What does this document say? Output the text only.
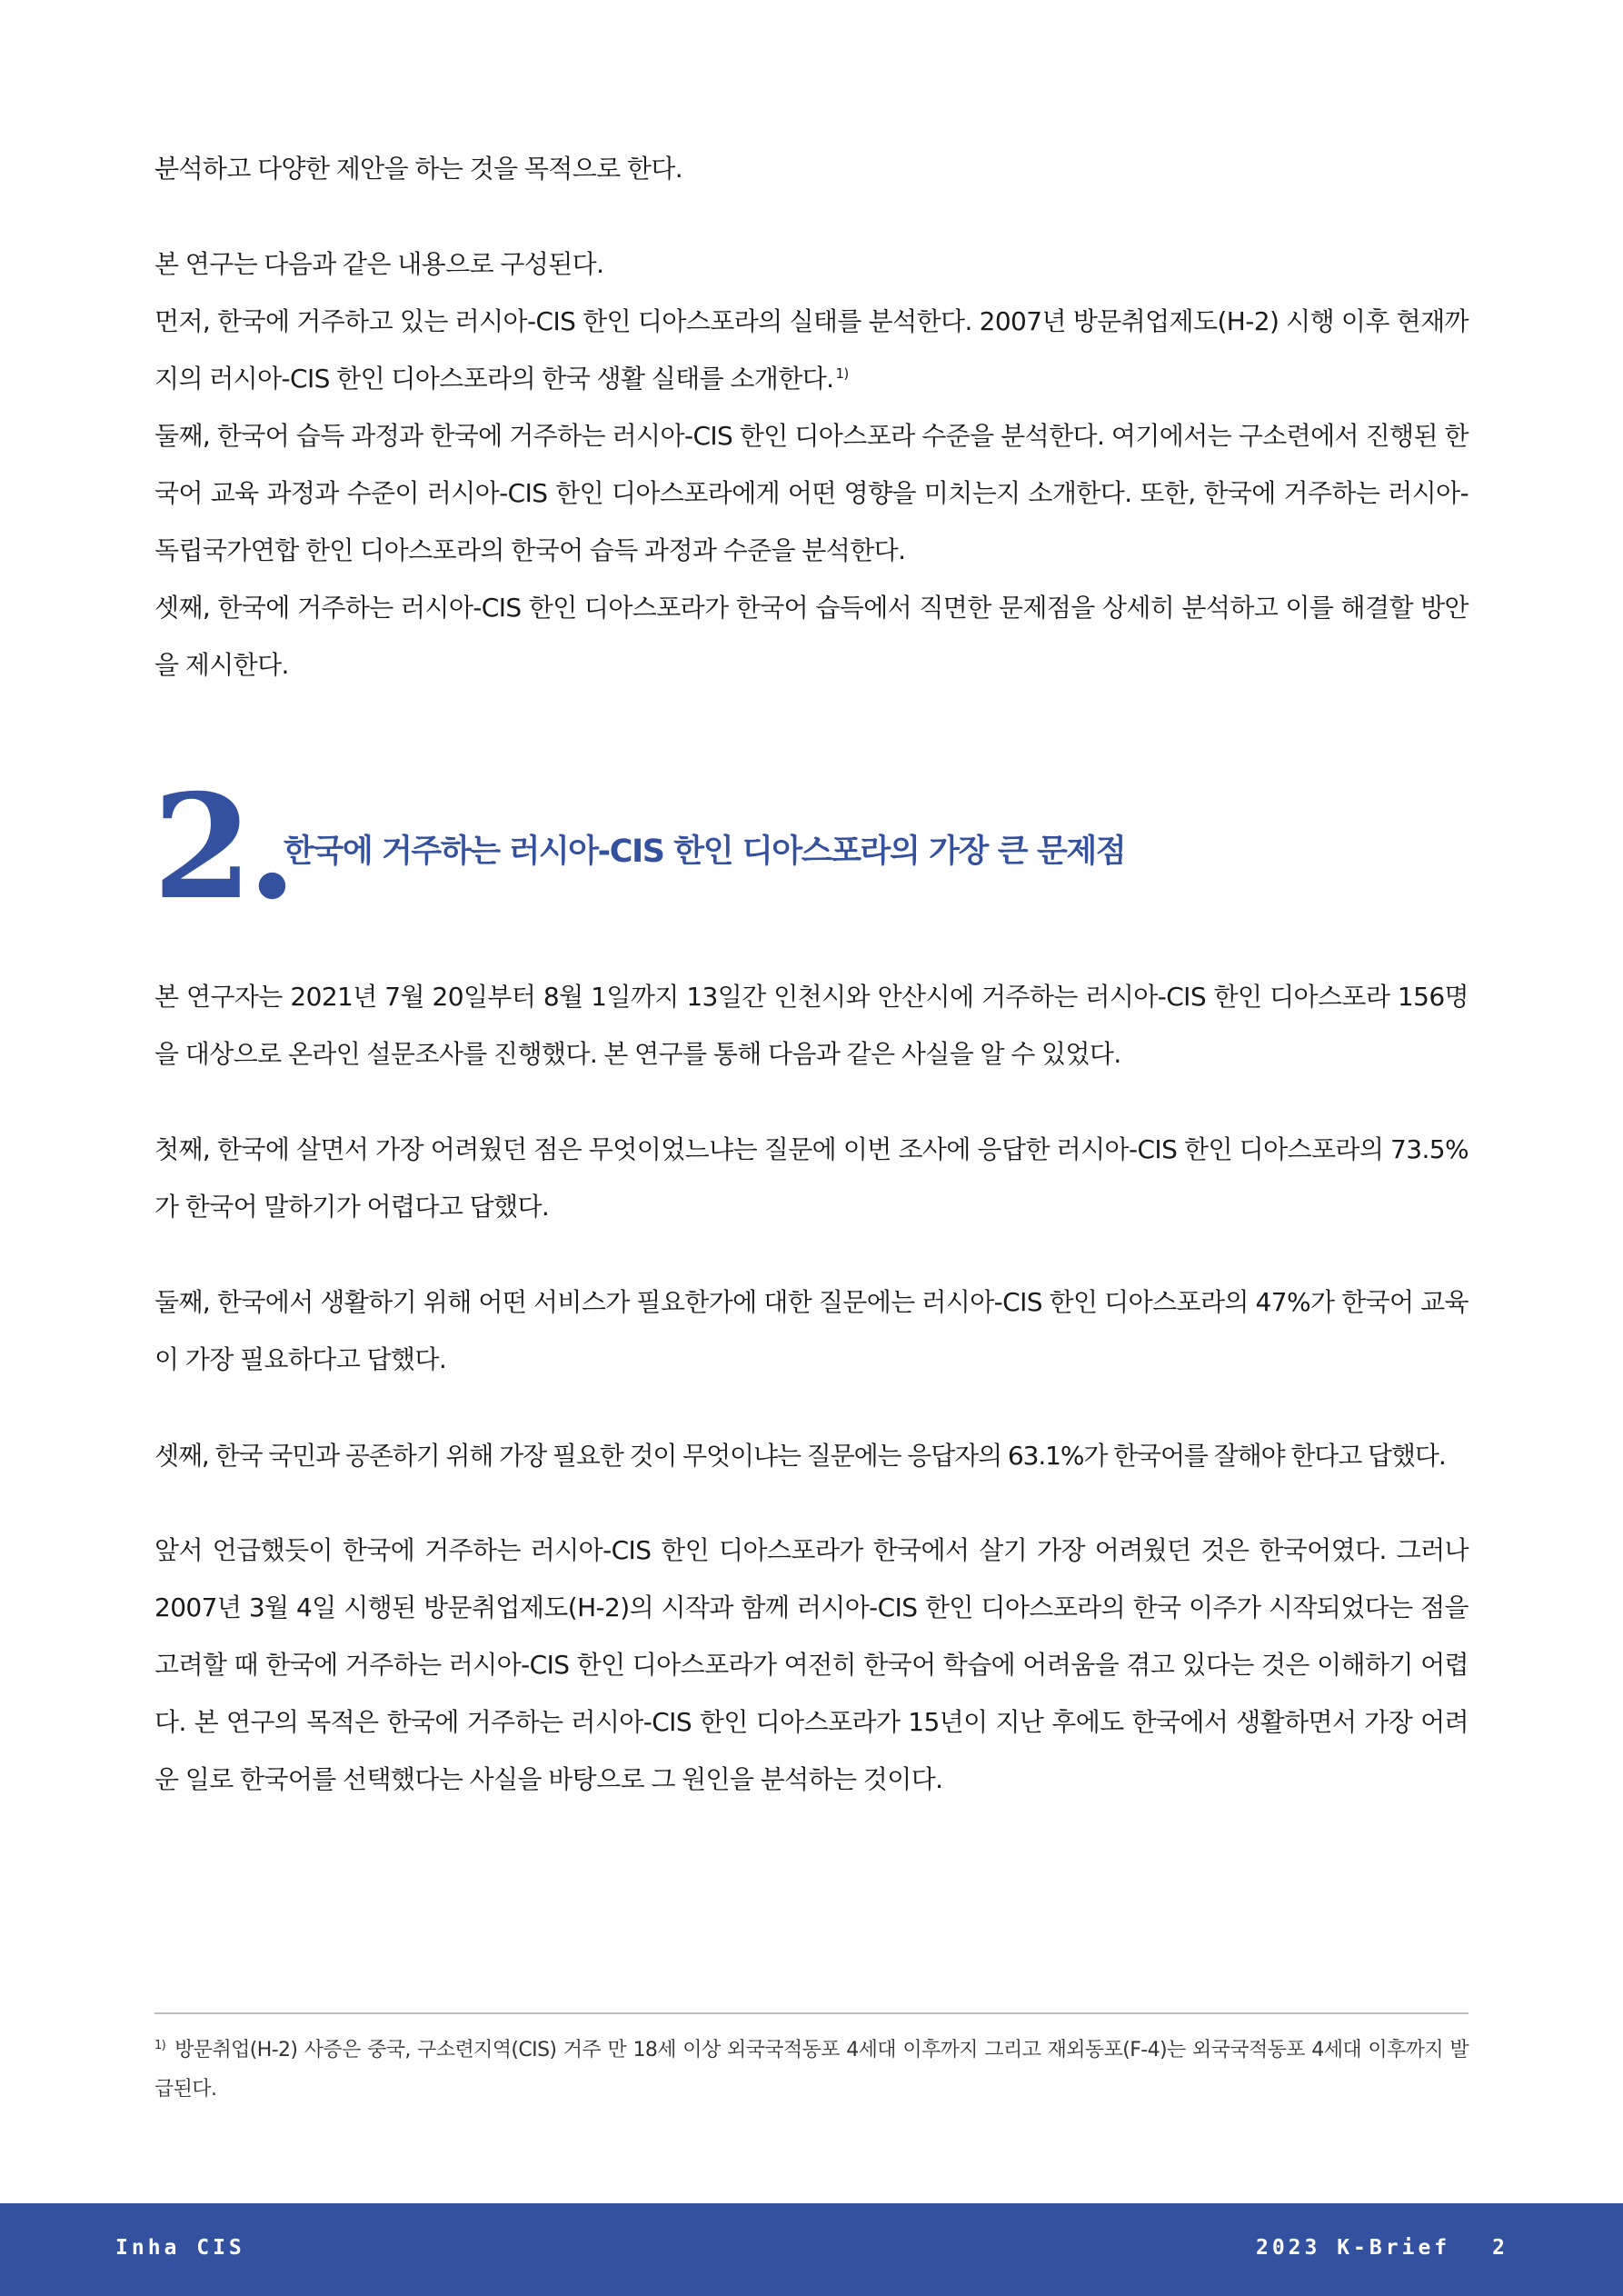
분석하고 다양한 제안을 하는 것을 목적으로 한다.

본 연구는 다음과 같은 내용으로 구성된다.

먼저, 한국에 거주하고 있는 러시아-CIS 한인 디아스포라의 실태를 분석한다. 2007년 방문취업제도(H-2) 시행 이후 현재까지의 러시아-CIS 한인 디아스포라의 한국 생활 실태를 소개한다. $^{1)}$

둘째, 한국어 습득 과정과 한국에 거주하는 러시아-CIS 한인 디아스포라 수준을 분석한다. 여기에서는 구소련에서 진행된 한국어 교육 과정과 수준이 러시아-CIS 한인 디아스포라에게 어떤 영향을 미치는지 소개한다. 또한, 한국에 거주하는 러시아-독립국가연합 한인 디아스포라의 한국어 습득 과정과 수준을 분석한다.

셋째, 한국에 거주하는 러시아-CIS 한인 디아스포라가 한국어 습득에서 직면한 문제점을 상세히 분석하고 이를 해결할 방안을 제시한다.

2.
한국에 거주하는 러시아-CIS 한인 디아스포라의 가장 큰 문제점

본 연구자는 2021년 7월 20일부터 8월 1일까지 13일간 인천시와 안산시에 거주하는 러시아-CIS 한인 디아스포라 156명을 대상으로 온라인 설문조사를 진행했다. 본 연구를 통해 다음과 같은 사실을 알 수 있었다.

첫째, 한국에 살면서 가장 어려웠던 점은 무엇이었느냐는 질문에 이번 조사에 응답한 러시아-CIS 한인 디아스포라의 73.5%가 한국어 말하기가 어렵다고 답했다.

둘째, 한국에서 생활하기 위해 어떤 서비스가 필요한가에 대한 질문에는 러시아-CIS 한인 디아스포라의 47%가 한국어 교육이 가장 필요하다고 답했다.

셋째, 한국 국민과 공존하기 위해 가장 필요한 것이 무엇이냐는 질문에는 응답자의 63.1%가 한국어를 잘해야 한다고 답했다.

앞서 언급했듯이 한국에 거주하는 러시아-CIS 한인 디아스포라가 한국에서 살기 가장 어려웠던 것은 한국어였다. 그러나 2007년 3월 4일 시행된 방문취업제도(H-2)의 시작과 함께 러시아-CIS 한인 디아스포라의 한국 이주가 시작되었다는 점을 고려할 때 한국에 거주하는 러시아-CIS 한인 디아스포라가 여전히 한국어 학습에 어려움을 겪고 있다는 것은 이해하기 어렵다. 본 연구의 목적은 한국에 거주하는 러시아-CIS 한인 디아스포라가 15년이 지난 후에도 한국에서 생활하면서 가장 어려운 일로 한국어를 선택했다는 사실을 바탕으로 그 원인을 분석하는 것이다.

$^{1)}$ 방문취업(H-2) 사증은 중국, 구소련지역(CIS) 거주 만 18세 이상 외국국적동포 4세대 이후까지 그리고 재외동포(F-4)는 외국국적동포 4세대 이후까지 발급된다.
Inha CIS	2023 K-Brief 2
